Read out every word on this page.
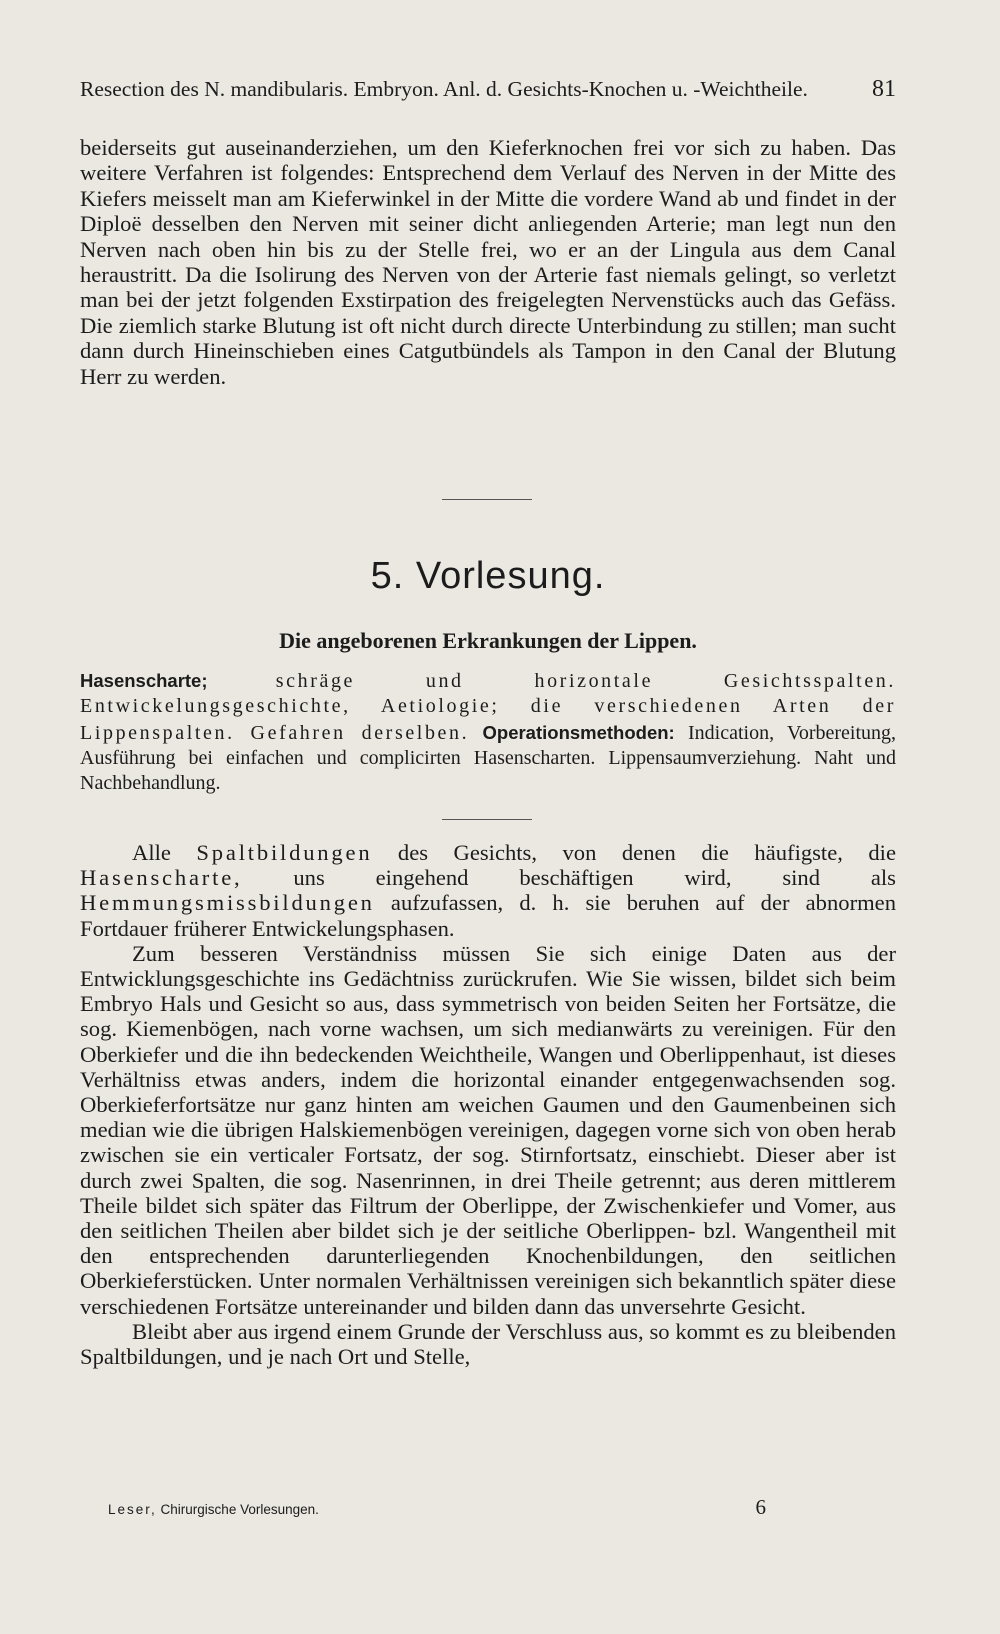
Resection des N. mandibularis. Embryon. Anl. d. Gesichts-Knochen u. -Weichtheile.	81

beiderseits gut auseinanderziehen, um den Kieferknochen frei vor sich zu haben. Das weitere Verfahren ist folgendes: Entsprechend dem Verlauf des Nerven in der Mitte des Kiefers meisselt man am Kieferwinkel in der Mitte die vordere Wand ab und findet in der Diploë desselben den Nerven mit seiner dicht anliegenden Arterie; man legt nun den Nerven nach oben hin bis zu der Stelle frei, wo er an der Lingula aus dem Canal heraustritt. Da die Isolirung des Nerven von der Arterie fast niemals gelingt, so verletzt man bei der jetzt folgenden Exstirpation des freigelegten Nervenstücks auch das Gefäss. Die ziemlich starke Blutung ist oft nicht durch directe Unterbindung zu stillen; man sucht dann durch Hineinschieben eines Catgutbündels als Tampon in den Canal der Blutung Herr zu werden.

5. Vorlesung.
Die angeborenen Erkrankungen der Lippen.

Hasenscharte;	schräge und horizontale Gesichtsspalten. Entwickelungsgeschichte, Aetiologie; die verschiedenen Arten der Lippenspalten. Gefahren derselben. Operationsmethoden: Indication, Vorbereitung, Ausführung bei einfachen und complicirten Hasenscharten. Lippensaumverziehung. Naht und Nachbehandlung.

Alle Spaltbildungen des Gesichts, von denen die häufigste, die Hasenscharte, uns eingehend beschäftigen wird, sind als Hemmungsmissbildungen aufzufassen, d. h. sie beruhen auf der abnormen Fortdauer früherer Entwickelungsphasen.

Zum besseren Verständniss müssen Sie sich einige Daten aus der Entwicklungsgeschichte ins Gedächtniss zurückrufen. Wie Sie wissen, bildet sich beim Embryo Hals und Gesicht so aus, dass symmetrisch von beiden Seiten her Fortsätze, die sog. Kiemenbögen, nach vorne wachsen, um sich medianwärts zu vereinigen. Für den Oberkiefer und die ihn bedeckenden Weichtheile, Wangen und Oberlippenhaut, ist dieses Verhältniss etwas anders, indem die horizontal einander entgegenwachsenden sog. Oberkieferfortsätze nur ganz hinten am weichen Gaumen und den Gaumenbeinen sich median wie die übrigen Halskiemenbögen vereinigen, dagegen vorne sich von oben herab zwischen sie ein verticaler Fortsatz, der sog. Stirnfortsatz, einschiebt. Dieser aber ist durch zwei Spalten, die sog. Nasenrinnen, in drei Theile getrennt; aus deren mittlerem Theile bildet sich später das Filtrum der Oberlippe, der Zwischenkiefer und Vomer, aus den seitlichen Theilen aber bildet sich je der seitliche Oberlippen- bzl. Wangentheil mit den entsprechenden darunterliegenden Knochenbildungen, den seitlichen Oberkieferstücken. Unter normalen Verhältnissen vereinigen sich bekanntlich später diese verschiedenen Fortsätze untereinander und bilden dann das unversehrte Gesicht.

Bleibt aber aus irgend einem Grunde der Verschluss aus, so kommt es zu bleibenden Spaltbildungen, und je nach Ort und Stelle,

Leser, Chirurgische Vorlesungen.	6
